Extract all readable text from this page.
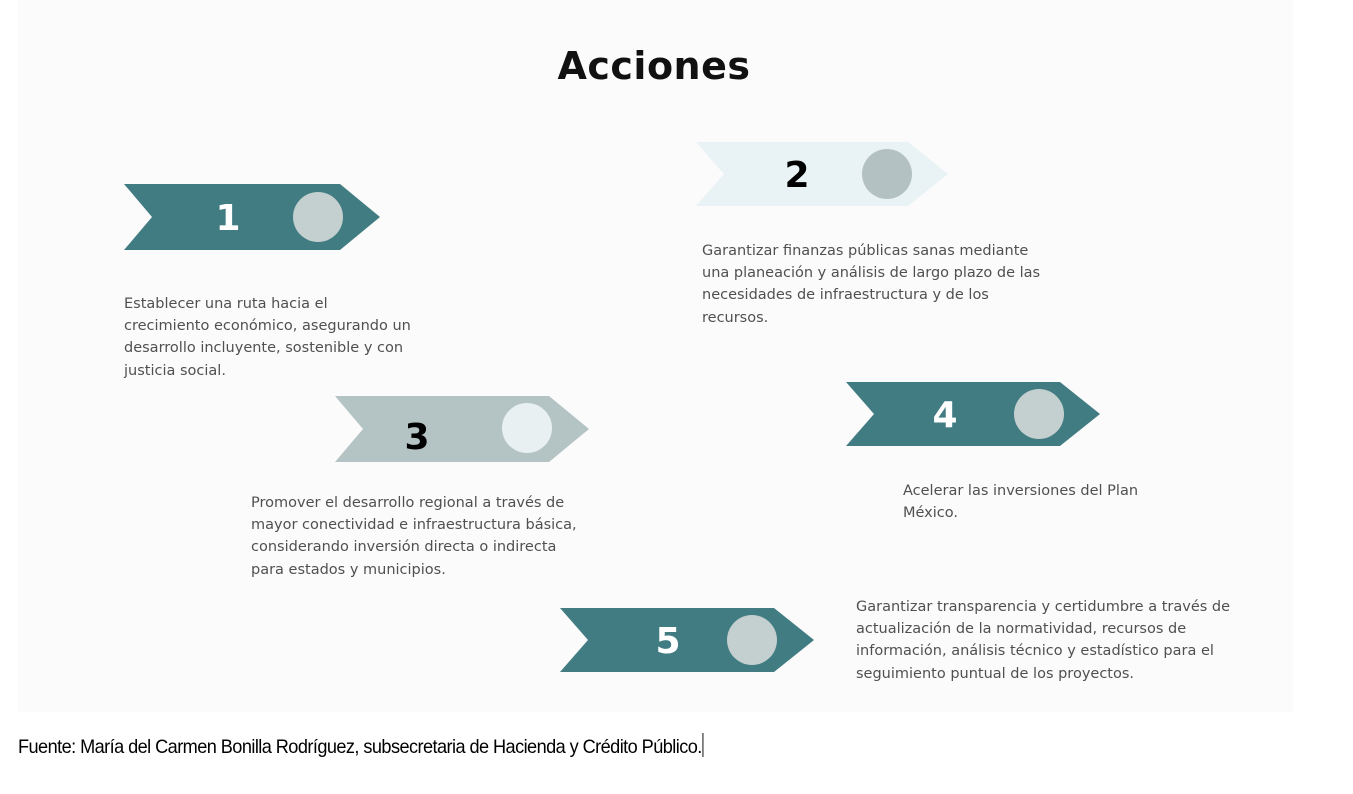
Acciones
1
Establecer una ruta hacia el
crecimiento económico, asegurando un
desarrollo incluyente, sostenible y con
justicia social.
2
Garantizar finanzas públicas sanas mediante
una planeación y análisis de largo plazo de las
necesidades de infraestructura y de los
recursos.
3
Promover el desarrollo regional a través de
mayor conectividad e infraestructura básica,
considerando inversión directa o indirecta
para estados y municipios.
4
Acelerar las inversiones del Plan
México.
5
Garantizar transparencia y certidumbre a través de
actualización de la normatividad, recursos de
información, análisis técnico y estadístico para el
seguimiento puntual de los proyectos.
Fuente: María del Carmen Bonilla Rodríguez, subsecretaria de Hacienda y Crédito Público.
